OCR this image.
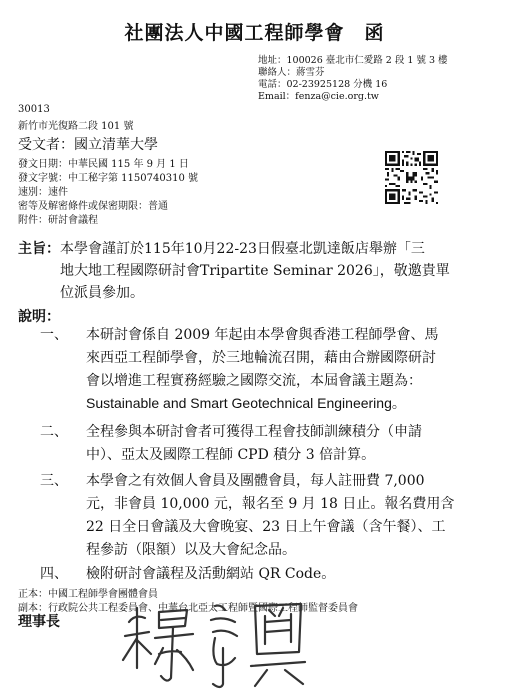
社團法人中國工程師學會　函
地址：100026 臺北市仁愛路 2 段 1 號 3 樓
聯絡人：蔣雪芬
電話：02-23925128 分機 16
Email：fenza@cie.org.tw
30013
新竹市光復路二段 101 號
受文者：國立清華大學
發文日期：中華民國 115 年 9 月 1 日
發文字號：中工秘字第 1150740310 號
速別：速件
密等及解密條件或保密期限：普通
附件：研討會議程
主旨： 本學會謹訂於115年10月22-23日假臺北凱達飯店舉辦「三
地大地工程國際研討會Tripartite Seminar 2026」，敬邀貴單
位派員參加。
說明：
一、 本研討會係自 2009 年起由本學會與香港工程師學會、馬
來西亞工程師學會，於三地輪流召開，藉由合辦國際研討
會以增進工程實務經驗之國際交流，本屆會議主題為：
Sustainable and Smart Geotechnical Engineering。
二、 全程參與本研討會者可獲得工程會技師訓練積分（申請
中）、亞太及國際工程師 CPD 積分 3 倍計算。
三、 本學會之有效個人會員及團體會員，每人註冊費 7,000
元，非會員 10,000 元，報名至 9 月 18 日止。報名費用含
22 日全日會議及大會晚宴、23 日上午會議（含午餐）、工
程參訪（限額）以及大會紀念品。
四、 檢附研討會議程及活動網站 QR Code。
正本：中國工程師學會團體會員
副本：行政院公共工程委員會、中華台北亞太工程師暨國際工程師監督委員會
理事長
